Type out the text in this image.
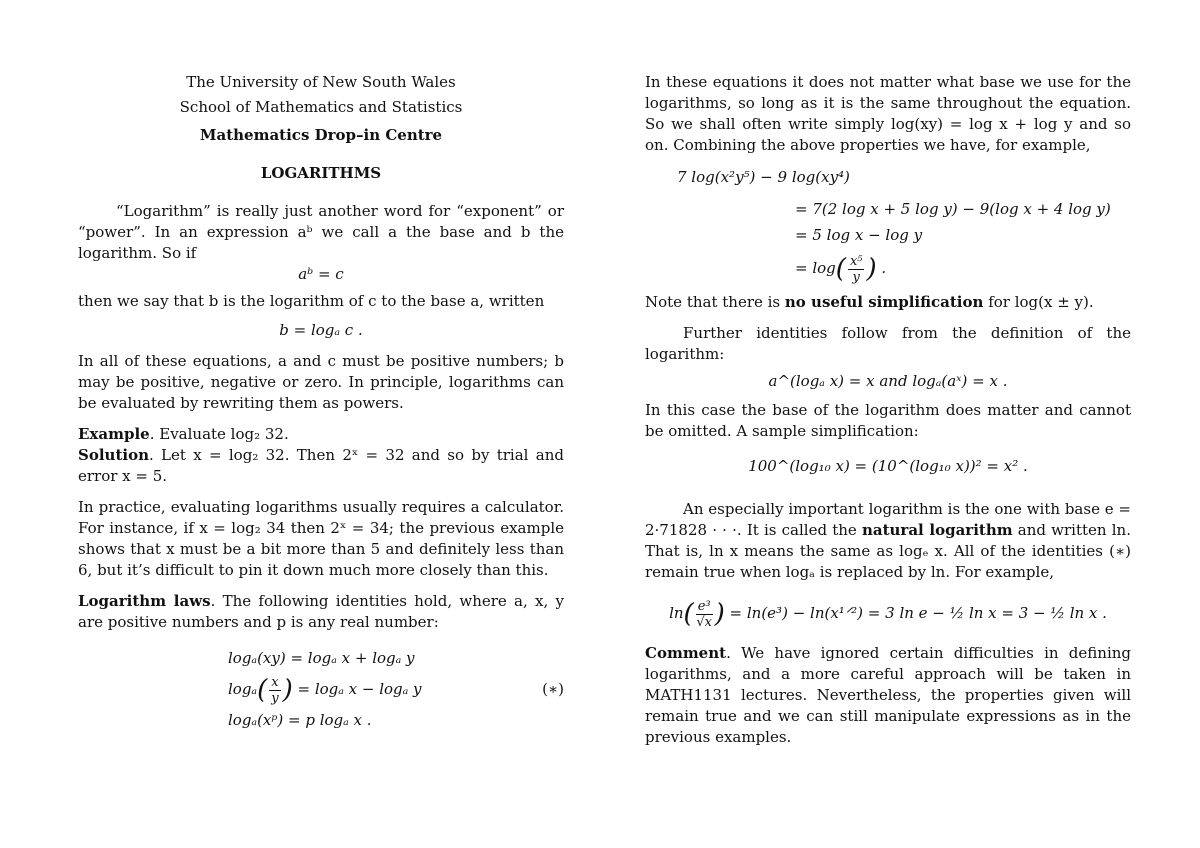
The University of New South Wales

School of Mathematics and Statistics

Mathematics Drop–in Centre

LOGARITHMS

“Logarithm” is really just another word for “exponent” or “power”. In an expression aᵇ we call a the base and b the logarithm. So if

aᵇ = c

then we say that b is the logarithm of c to the base a, written

b = logₐ c .

In all of these equations, a and c must be positive numbers; b may be positive, negative or zero. In principle, logarithms can be evaluated by rewriting them as powers.

Example. Evaluate log₂ 32.

Solution. Let x = log₂ 32. Then 2ˣ = 32 and so by trial and error x = 5.

In practice, evaluating logarithms usually requires a calculator. For instance, if x = log₂ 34 then 2ˣ = 34; the previous example shows that x must be a bit more than 5 and definitely less than 6, but it’s difficult to pin it down much more closely than this.

Logarithm laws. The following identities hold, where a, x, y are positive numbers and p is any real number:

logₐ(xy) = logₐ x + logₐ y
$\log_a( \frac{x}{y}$ ) = logₐ x − logₐ y	(∗)
logₐ(xᵖ) = p logₐ x .

In these equations it does not matter what base we use for the logarithms, so long as it is the same throughout the equation. So we shall often write simply log(xy) = log x + log y and so on. Combining the above properties we have, for example,

7 log(x²y⁵) − 9 log(xy⁴)
= 7(2 log x + 5 log y) − 9(log x + 4 log y)
= 5 log x − log y
= $\log( \frac{\text{x⁵}}{y}$ ) .

Note that there is no useful simplification for log(x ± y).

Further identities follow from the definition of the logarithm:

a^(logₐ x) = x and logₐ(aˣ) = x .

In this case the base of the logarithm does matter and cannot be omitted. A sample simplification:

100^(log₁₀ x) = (10^(log₁₀ x))² = x² .

An especially important logarithm is the one with base e = 2·71828 · · ·. It is called the natural logarithm and written ln. That is, ln x means the same as logₑ x. All of the identities (∗) remain true when logₐ is replaced by ln. For example,

$\ln( \frac{\text{e³}}{√x}$ ) = ln(e³) − ln(x¹ᐟ²) = 3 ln e − ½ ln x = 3 − ½ ln x .

Comment. We have ignored certain difficulties in defining logarithms, and a more careful approach will be taken in MATH1131 lectures. Nevertheless, the properties given will remain true and we can still manipulate expressions as in the previous examples.
